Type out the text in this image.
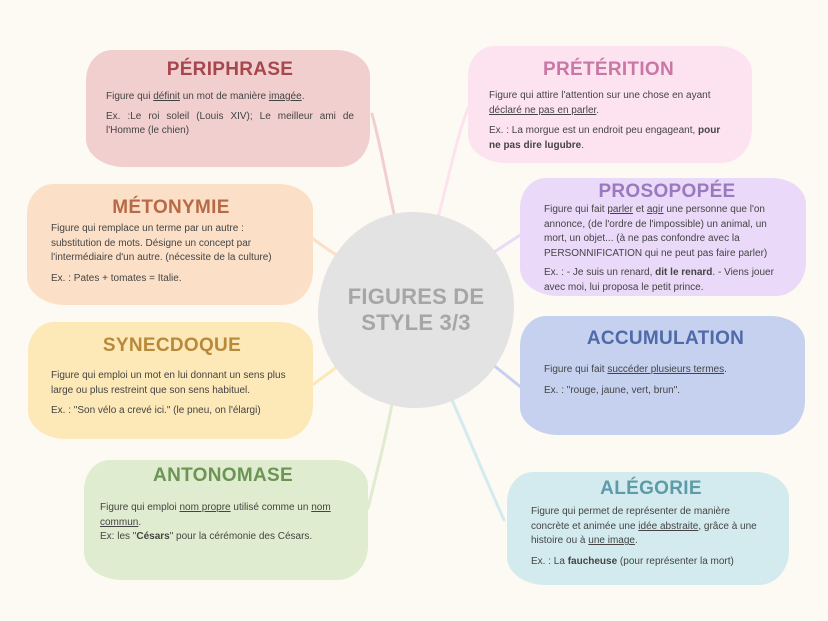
FIGURES DE
STYLE 3/3
PÉRIPHRASE

Figure qui définit un mot de manière imagée.

Ex. :Le roi soleil (Louis XIV); Le meilleur ami de l'Homme (le chien)

PRÉTÉRITION

Figure qui attire l'attention sur une chose en ayant déclaré ne pas en parler.

Ex. : La morgue est un endroit peu engageant, pour ne pas dire lugubre.

MÉTONYMIE

Figure qui remplace un terme par un autre : substitution de mots. Désigne un concept par l'intermédiaire d'un autre. (nécessite de la culture)

Ex. : Pates + tomates = Italie.

PROSOPOPÉE

Figure qui fait parler et agir une personne que l'on annonce, (de l'ordre de l'impossible) un animal, un mort, un objet... (à ne pas confondre avec la PERSONNIFICATION qui ne peut pas faire parler)

Ex. : - Je suis un renard, dit le renard. - Viens jouer avec moi, lui proposa le petit prince.

SYNECDOQUE

Figure qui emploi un mot en lui donnant un sens plus large ou plus restreint que son sens habituel.

Ex. : "Son vélo a crevé ici." (le pneu, on l'élargi)

ACCUMULATION

Figure qui fait succéder plusieurs termes.

Ex. : "rouge, jaune, vert, brun".

ANTONOMASE

Figure qui emploi nom propre utilisé comme un nom commun.
Ex: les "Césars" pour la cérémonie des Césars.

ALÉGORIE

Figure qui permet de représenter de manière concrète et animée une idée abstraite, grâce à une histoire ou à une image.

Ex. : La faucheuse (pour représenter la mort)
